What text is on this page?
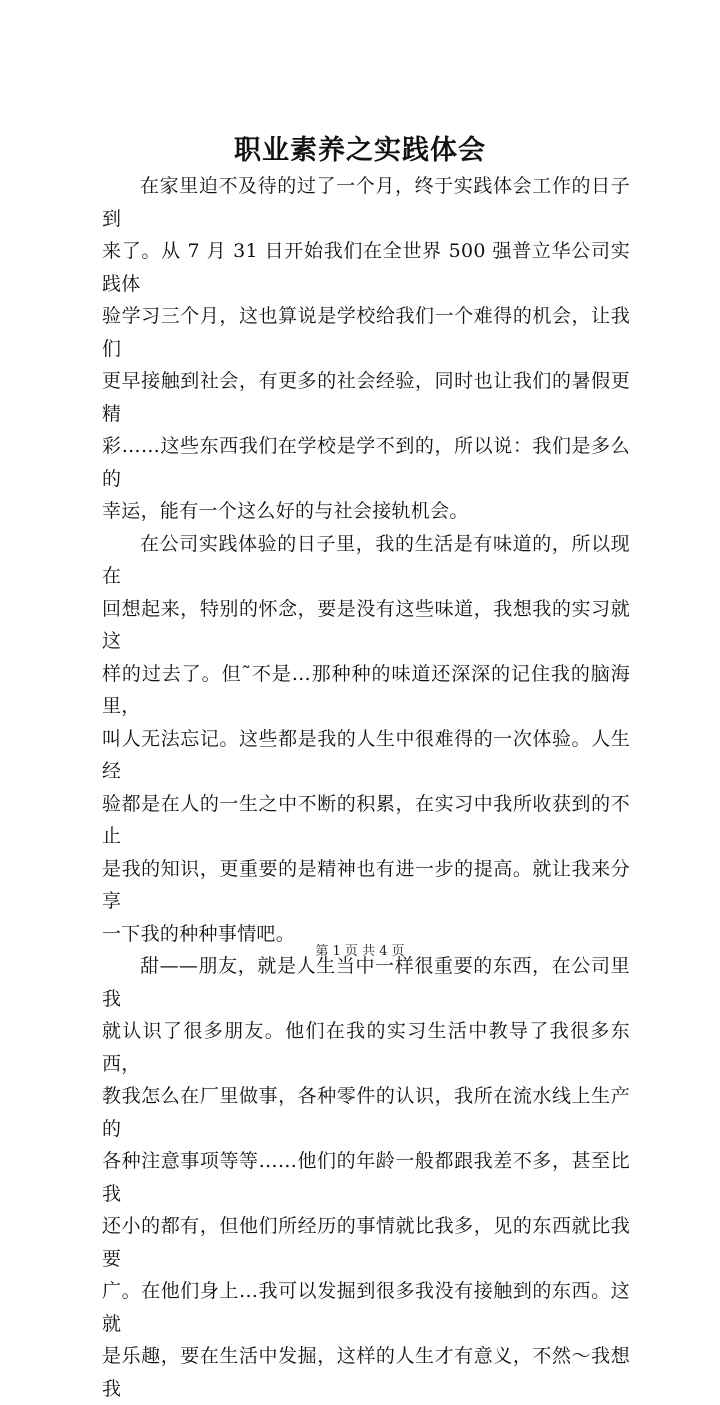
职业素养之实践体会

在家里迫不及待的过了一个月，终于实践体会工作的日子到
来了。从 7 月 31 日开始我们在全世界 500 强普立华公司实践体
验学习三个月，这也算说是学校给我们一个难得的机会，让我们
更早接触到社会，有更多的社会经验，同时也让我们的暑假更精
彩……这些东西我们在学校是学不到的，所以说：我们是多么的
幸运，能有一个这么好的与社会接轨机会。

在公司实践体验的日子里，我的生活是有味道的，所以现在
回想起来，特别的怀念，要是没有这些味道，我想我的实习就这
样的过去了。但˜不是…那种种的味道还深深的记住我的脑海里，
叫人无法忘记。这些都是我的人生中很难得的一次体验。人生经
验都是在人的一生之中不断的积累，在实习中我所收获到的不止
是我的知识，更重要的是精神也有进一步的提高。就让我来分享
一下我的种种事情吧。

甜——朋友，就是人生当中一样很重要的东西，在公司里我
就认识了很多朋友。他们在我的实习生活中教导了我很多东西，
教我怎么在厂里做事，各种零件的认识，我所在流水线上生产的
各种注意事项等等……他们的年龄一般都跟我差不多，甚至比我
还小的都有，但他们所经历的事情就比我多，见的东西就比我要
广。在他们身上…我可以发掘到很多我没有接触到的东西。这就
是乐趣，要在生活中发掘，这样的人生才有意义，不然～我想我

第 1 页 共 4 页
